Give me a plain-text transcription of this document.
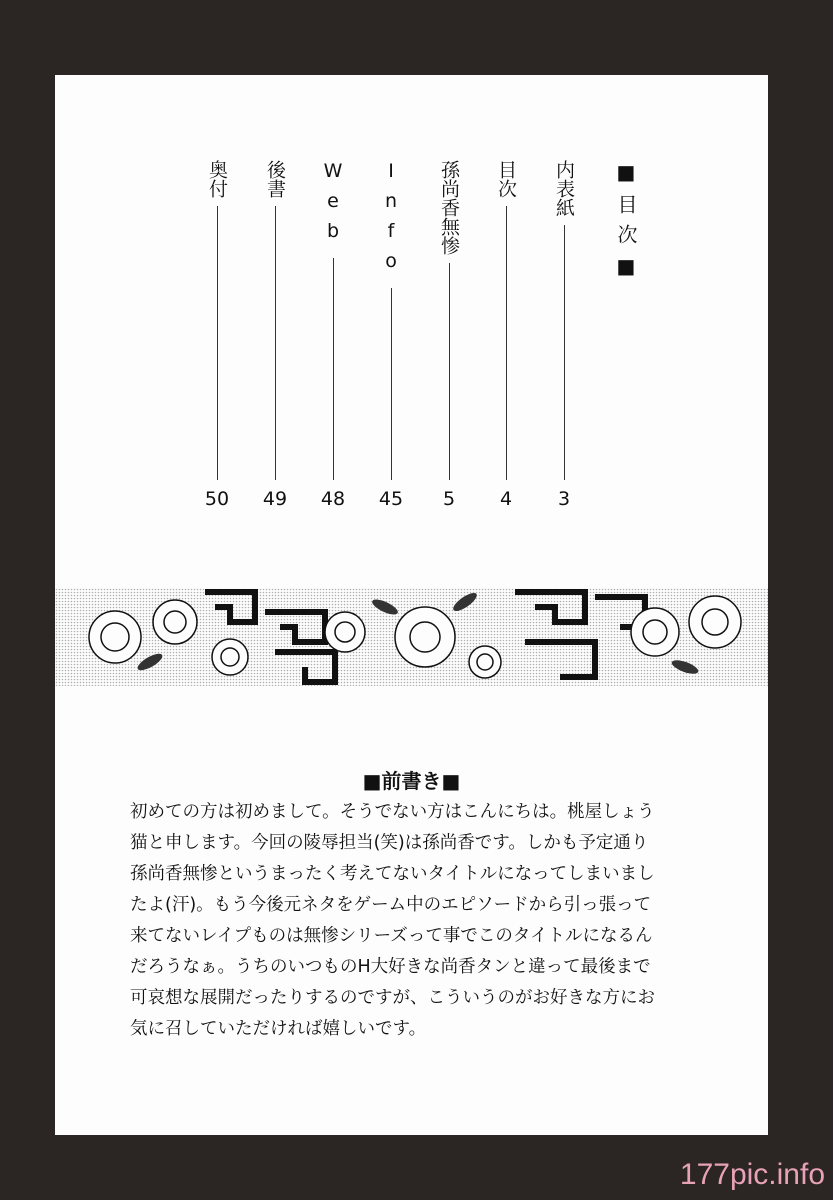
■目次■
内表紙
3
目次
4
孫尚香無惨
5
Info
45
Web
48
後書
49
奥付
50
■前書き■
初めての方は初めまして。そうでない方はこんにちは。桃屋しょう
猫と申します。今回の陵辱担当(笑)は孫尚香です。しかも予定通り
孫尚香無惨というまったく考えてないタイトルになってしまいまし
たよ(汗)。もう今後元ネタをゲーム中のエピソードから引っ張って
来てないレイプものは無惨シリーズって事でこのタイトルになるん
だろうなぁ。うちのいつものH大好きな尚香タンと違って最後まで
可哀想な展開だったりするのですが、こういうのがお好きな方にお
気に召していただければ嬉しいです。
177pic.info
